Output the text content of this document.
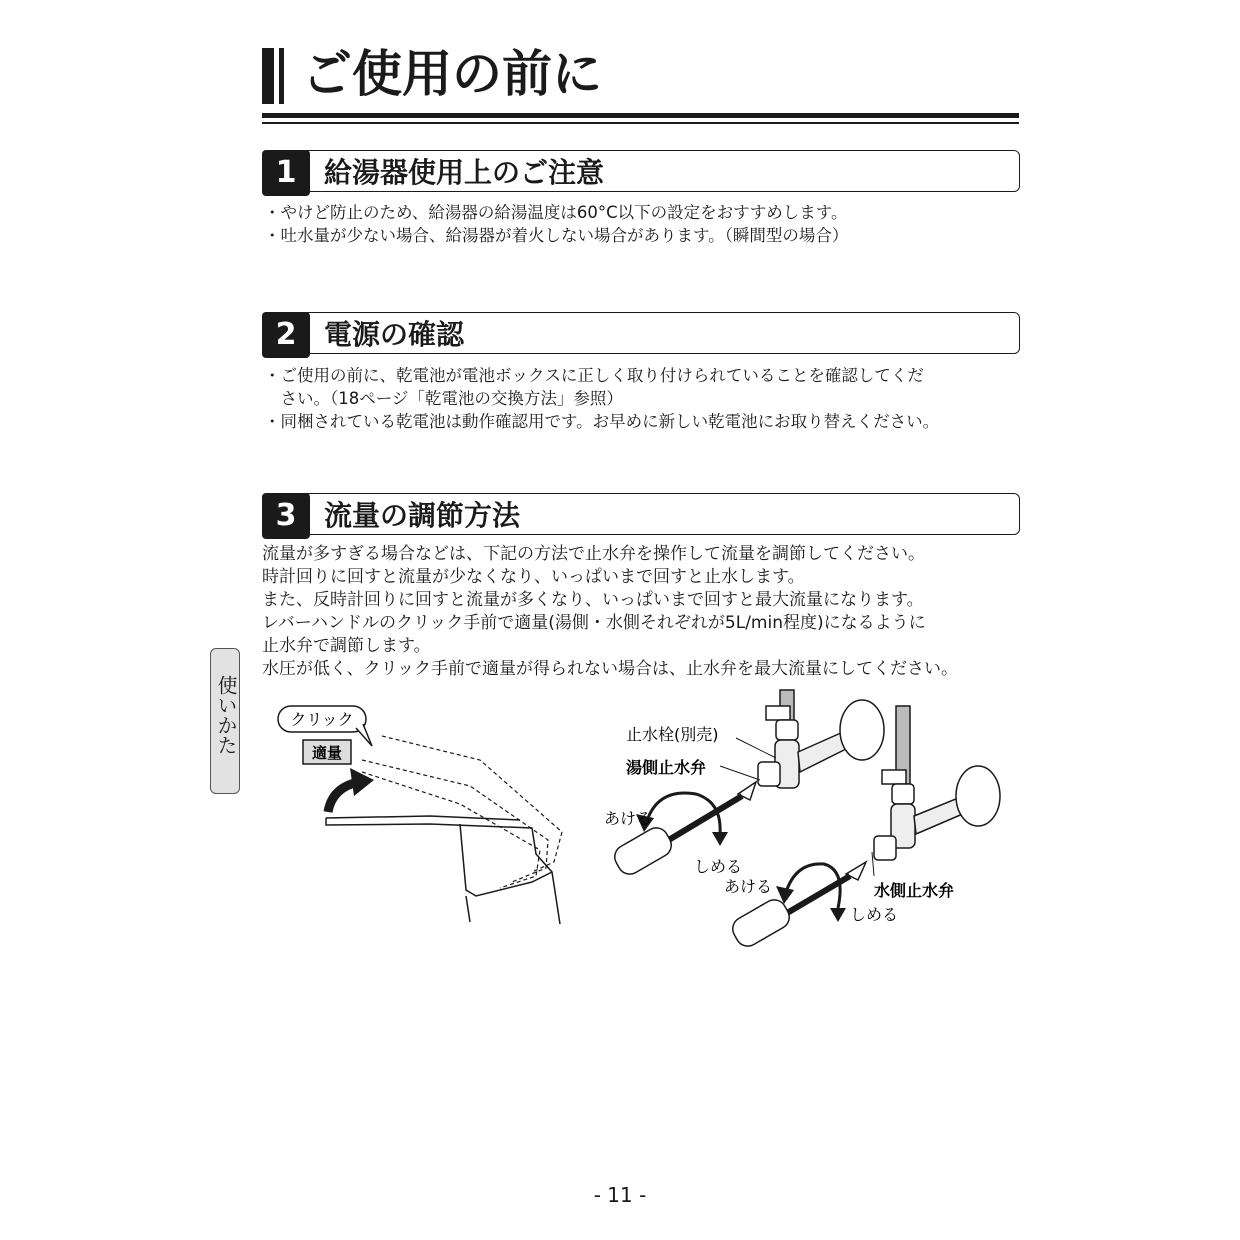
ご使用の前に
1 給湯器使用上のご注意
・やけど防止のため、給湯器の給湯温度は60°C以下の設定をおすすめします。
・吐水量が少ない場合、給湯器が着火しない場合があります。（瞬間型の場合）
2 電源の確認
・ご使用の前に、乾電池が電池ボックスに正しく取り付けられていることを確認してくだ
　さい。（18ページ「乾電池の交換方法」参照）
・同梱されている乾電池は動作確認用です。お早めに新しい乾電池にお取り替えください。
3 流量の調節方法
流量が多すぎる場合などは、下記の方法で止水弁を操作して流量を調節してください。
時計回りに回すと流量が少なくなり、いっぱいまで回すと止水します。
また、反時計回りに回すと流量が多くなり、いっぱいまで回すと最大流量になります。
レバーハンドルのクリック手前で適量(湯側・水側それぞれが5L/min程度)になるように
止水弁で調節します。
水圧が低く、クリック手前で適量が得られない場合は、止水弁を最大流量にしてください。
使いかた	クリック
適量
止水栓(別売)
湯側止水弁
あける
しめる
あける	水側止水弁
しめる
- 11 -
